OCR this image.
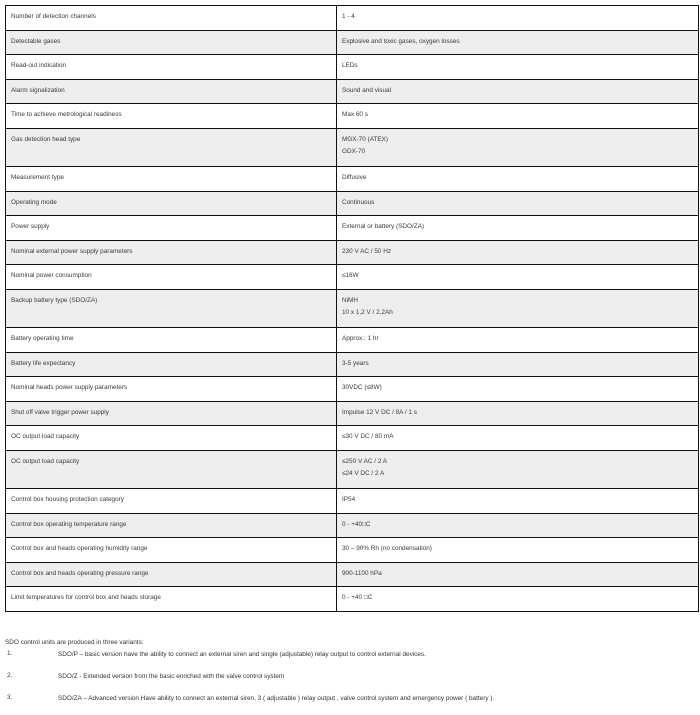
Number of detection channels	1 - 4

Detectable gases	Explosive and toxic gases, oxygen losses

Read-out indication	LEDs

Alarm signalization	Sound and visual

Time to achieve metrological readiness	Max 60 s

Gas detection head type	MGX-70 (ATEX)
GDX-70

Measurement type	Diffusive

Operating mode	Continuous

Power supply	External or battery (SDO/ZA)

Nominal external power supply parameters	230 V AC / 50 Hz

Nominal power consumption	≤16W

Backup battery type (SDO/ZA)	NiMH
10 x 1,2 V / 2,2Ah

Battery operating time	Approx.: 1 hr

Battery life expectancy	3-5 years

Nominal heads power supply parameters	30VDC (≤8W)

Shut off valve trigger power supply	Impulse 12 V DC / 8A / 1 s

OC output load capacity	≤30 V DC / 80 mA

OC output load capacity	≤250 V AC / 2 A
≤24 V DC / 2 A

Control box housing protection category	IP54

Control box operating temperature range	0 - +40□C

Control box and heads operating humidity range	30 – 90% Rh (no condensation)

Control box and heads operating pressure range	900-1100 hPa

Limit temperatures for control box and heads storage	0 - +40 □C

SDO control units are produced in three variants:

1.	SDO/P – basic version have the ability to connect an external siren and single (adjustable) relay output to control external devices.
2.	SDO/Z - Extended version from the basic enriched with the valve control system
3.	SDO/ZA – Advanced version Have ability to connect an external siren, 3 ( adjustable ) relay output , valve control system and emergency power ( battery ).
